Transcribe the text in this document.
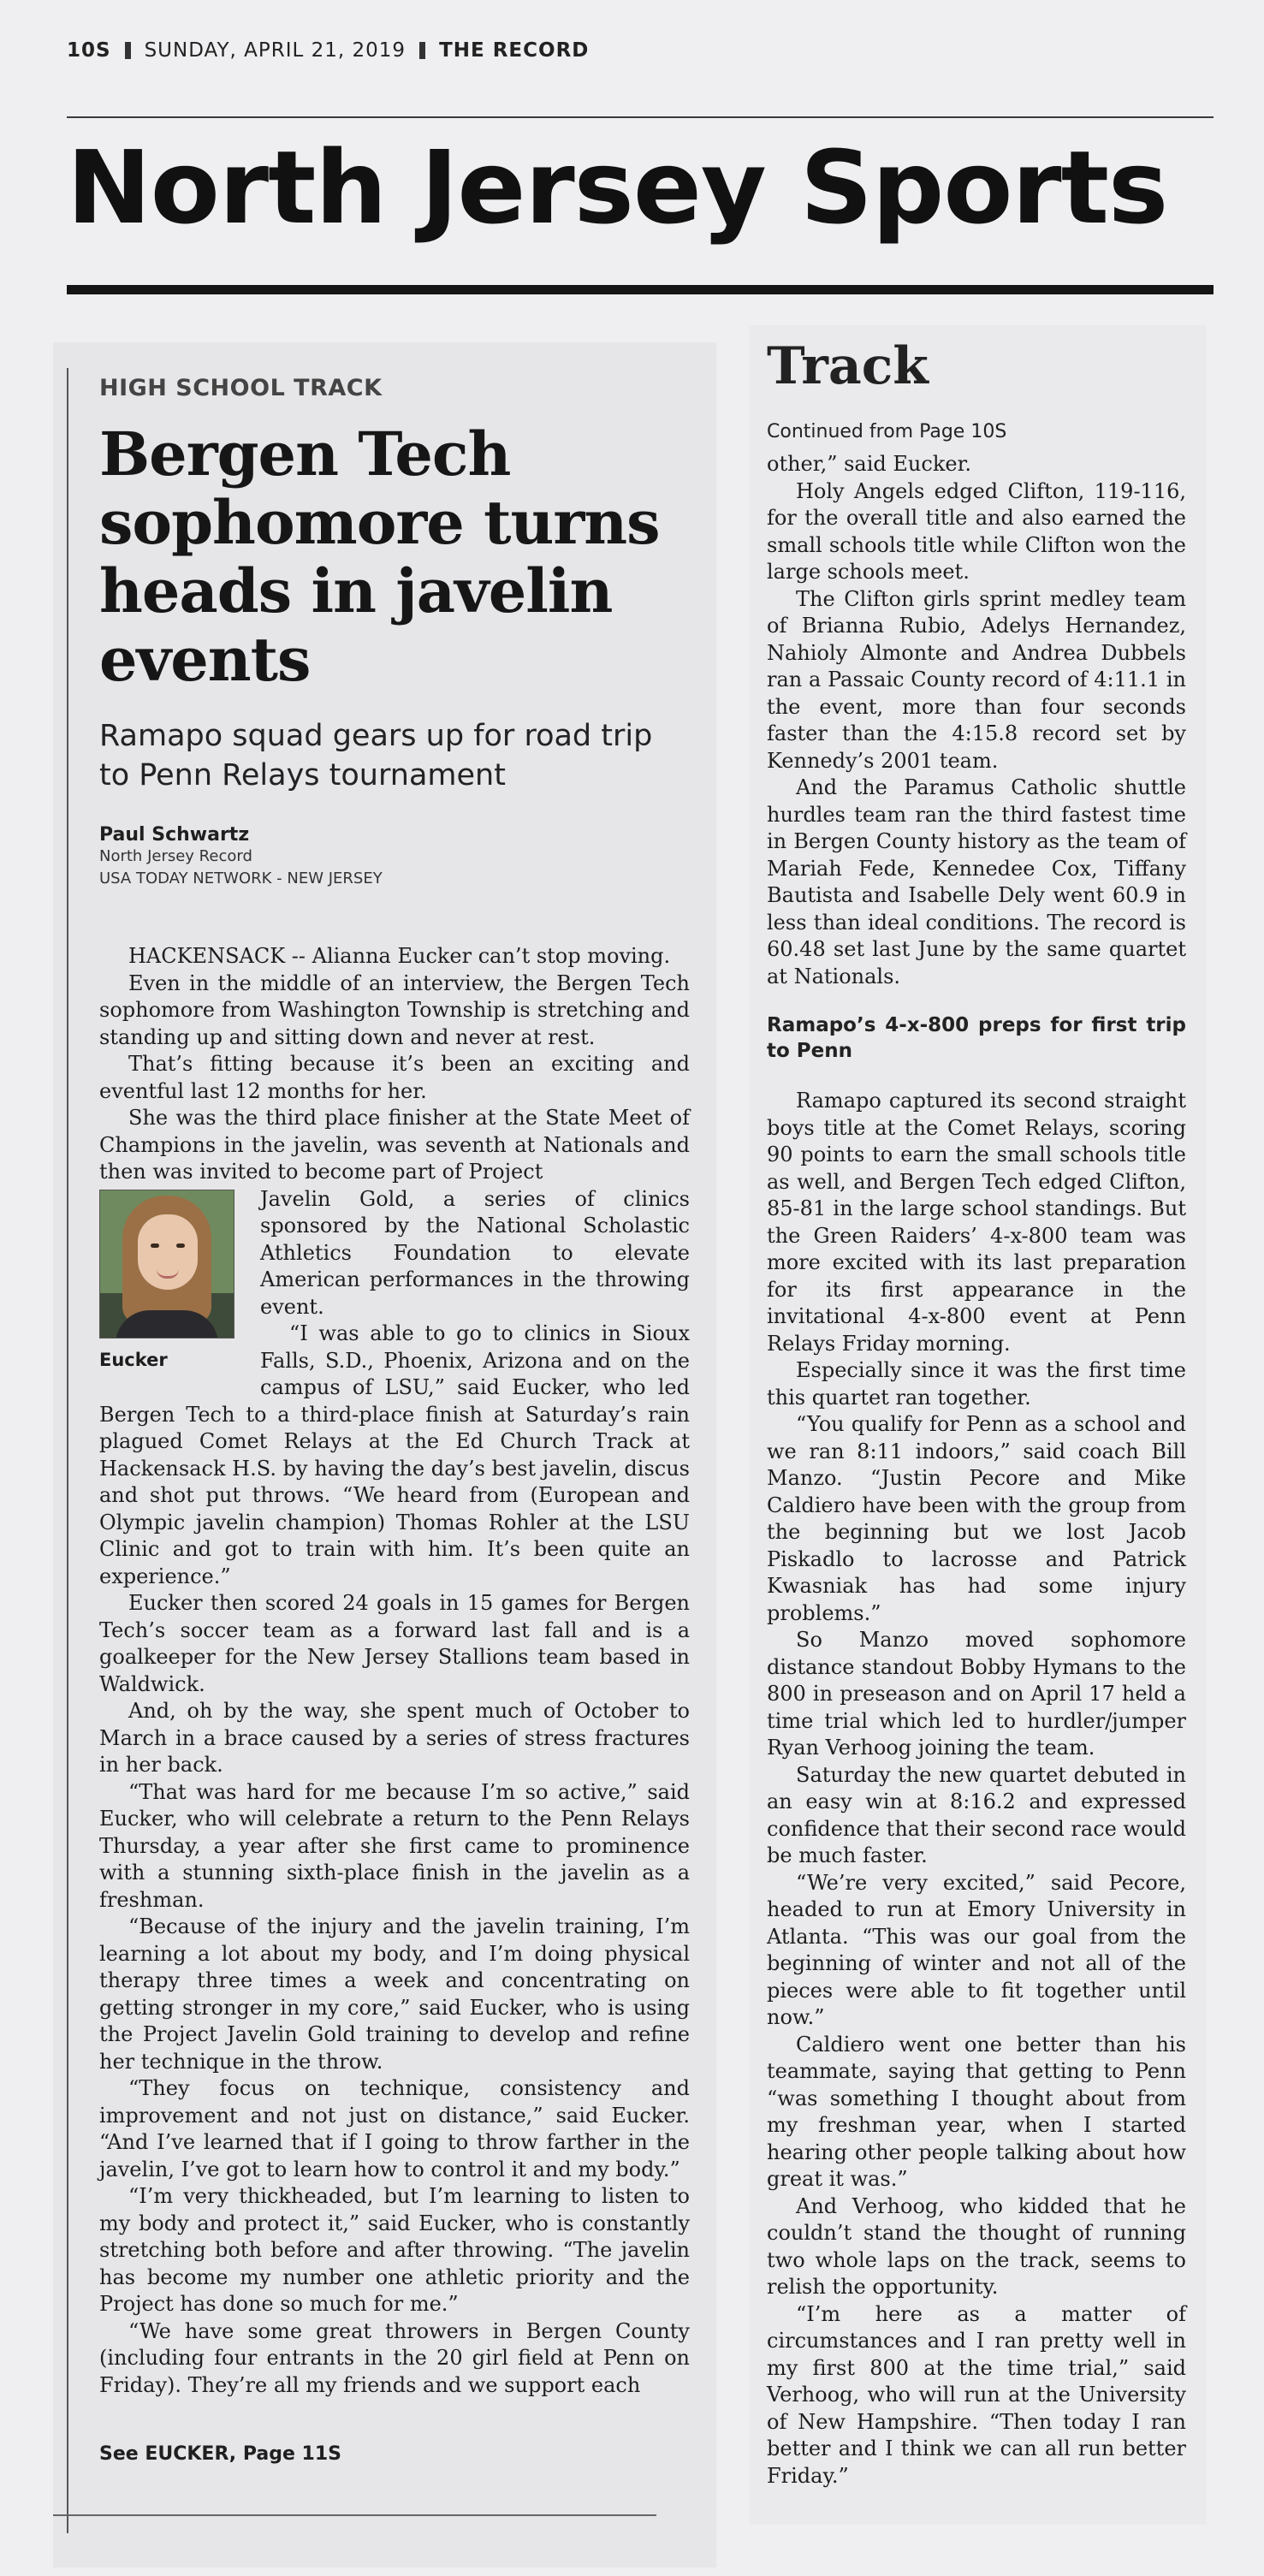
10S SUNDAY, APRIL 21, 2019 THE RECORD
North Jersey Sports
HIGH SCHOOL TRACK
Bergen Tech sophomore turns heads in javelin events
Ramapo squad gears up for road trip to Penn Relays tournament
Paul Schwartz
North Jersey Record
USA TODAY NETWORK - NEW JERSEY

HACKENSACK -- Alianna Eucker can’t stop moving.

Even in the middle of an interview, the Bergen Tech sophomore from Washington Township is stretching and standing up and sitting down and never at rest.

That’s fitting because it’s been an exciting and eventful last 12 months for her.

She was the third place finisher at the State Meet of Champions in the javelin, was seventh at Nationals and then was invited to become part of Project

Eucker

Javelin Gold, a series of clinics sponsored by the National Scholastic Athletics Foundation to elevate American performances in the throwing event.

“I was able to go to clinics in Sioux Falls, S.D., Phoenix, Arizona and on the campus of LSU,” said Eucker, who led Bergen Tech to a third-place finish at Saturday’s rain plagued Comet Relays at the Ed Church Track at Hackensack H.S. by having the day’s best javelin, discus and shot put throws. “We heard from (European and Olympic javelin champion) Thomas Rohler at the LSU Clinic and got to train with him. It’s been quite an experience.”

Eucker then scored 24 goals in 15 games for Bergen Tech’s soccer team as a forward last fall and is a goalkeeper for the New Jersey Stallions team based in Waldwick.

And, oh by the way, she spent much of October to March in a brace caused by a series of stress fractures in her back.

“That was hard for me because I’m so active,” said Eucker, who will celebrate a return to the Penn Relays Thursday, a year after she first came to prominence with a stunning sixth-place finish in the javelin as a freshman.

“Because of the injury and the javelin training, I’m learning a lot about my body, and I’m doing physical therapy three times a week and concentrating on getting stronger in my core,” said Eucker, who is using the Project Javelin Gold training to develop and refine her technique in the throw.

“They focus on technique, consistency and improvement and not just on distance,” said Eucker. “And I’ve learned that if I going to throw farther in the javelin, I’ve got to learn how to control it and my body.”

“I’m very thickheaded, but I’m learning to listen to my body and protect it,” said Eucker, who is constantly stretching both before and after throwing. “The javelin has become my number one athletic priority and the Project has done so much for me.”

“We have some great throwers in Bergen County (including four entrants in the 20 girl field at Penn on Friday). They’re all my friends and we support each

See EUCKER, Page 11S
Track
Continued from Page 10S

other,” said Eucker.

Holy Angels edged Clifton, 119-116, for the overall title and also earned the small schools title while Clifton won the large schools meet.

The Clifton girls sprint medley team of Brianna Rubio, Adelys Hernandez, Nahioly Almonte and Andrea Dubbels ran a Passaic County record of 4:11.1 in the event, more than four seconds faster than the 4:15.8 record set by Kennedy’s 2001 team.

And the Paramus Catholic shuttle hurdles team ran the third fastest time in Bergen County history as the team of Mariah Fede, Kennedee Cox, Tiffany Bautista and Isabelle Dely went 60.9 in less than ideal conditions. The record is 60.48 set last June by the same quartet at Nationals.

Ramapo’s 4-x-800 preps for first trip to Penn

Ramapo captured its second straight boys title at the Comet Relays, scoring 90 points to earn the small schools title as well, and Bergen Tech edged Clifton, 85-81 in the large school standings. But the Green Raiders’ 4-x-800 team was more excited with its last preparation for its first appearance in the invitational 4-x-800 event at Penn Relays Friday morning.

Especially since it was the first time this quartet ran together.

“You qualify for Penn as a school and we ran 8:11 indoors,” said coach Bill Manzo. “Justin Pecore and Mike Caldiero have been with the group from the beginning but we lost Jacob Piskadlo to lacrosse and Patrick Kwasniak has had some injury problems.”

So Manzo moved sophomore distance standout Bobby Hymans to the 800 in preseason and on April 17 held a time trial which led to hurdler/jumper Ryan Verhoog joining the team.

Saturday the new quartet debuted in an easy win at 8:16.2 and expressed confidence that their second race would be much faster.

“We’re very excited,” said Pecore, headed to run at Emory University in Atlanta. “This was our goal from the beginning of winter and not all of the pieces were able to fit together until now.”

Caldiero went one better than his teammate, saying that getting to Penn “was something I thought about from my freshman year, when I started hearing other people talking about how great it was.”

And Verhoog, who kidded that he couldn’t stand the thought of running two whole laps on the track, seems to relish the opportunity.

“I’m here as a matter of circumstances and I ran pretty well in my first 800 at the time trial,” said Verhoog, who will run at the University of New Hampshire. “Then today I ran better and I think we can all run better Friday.”
